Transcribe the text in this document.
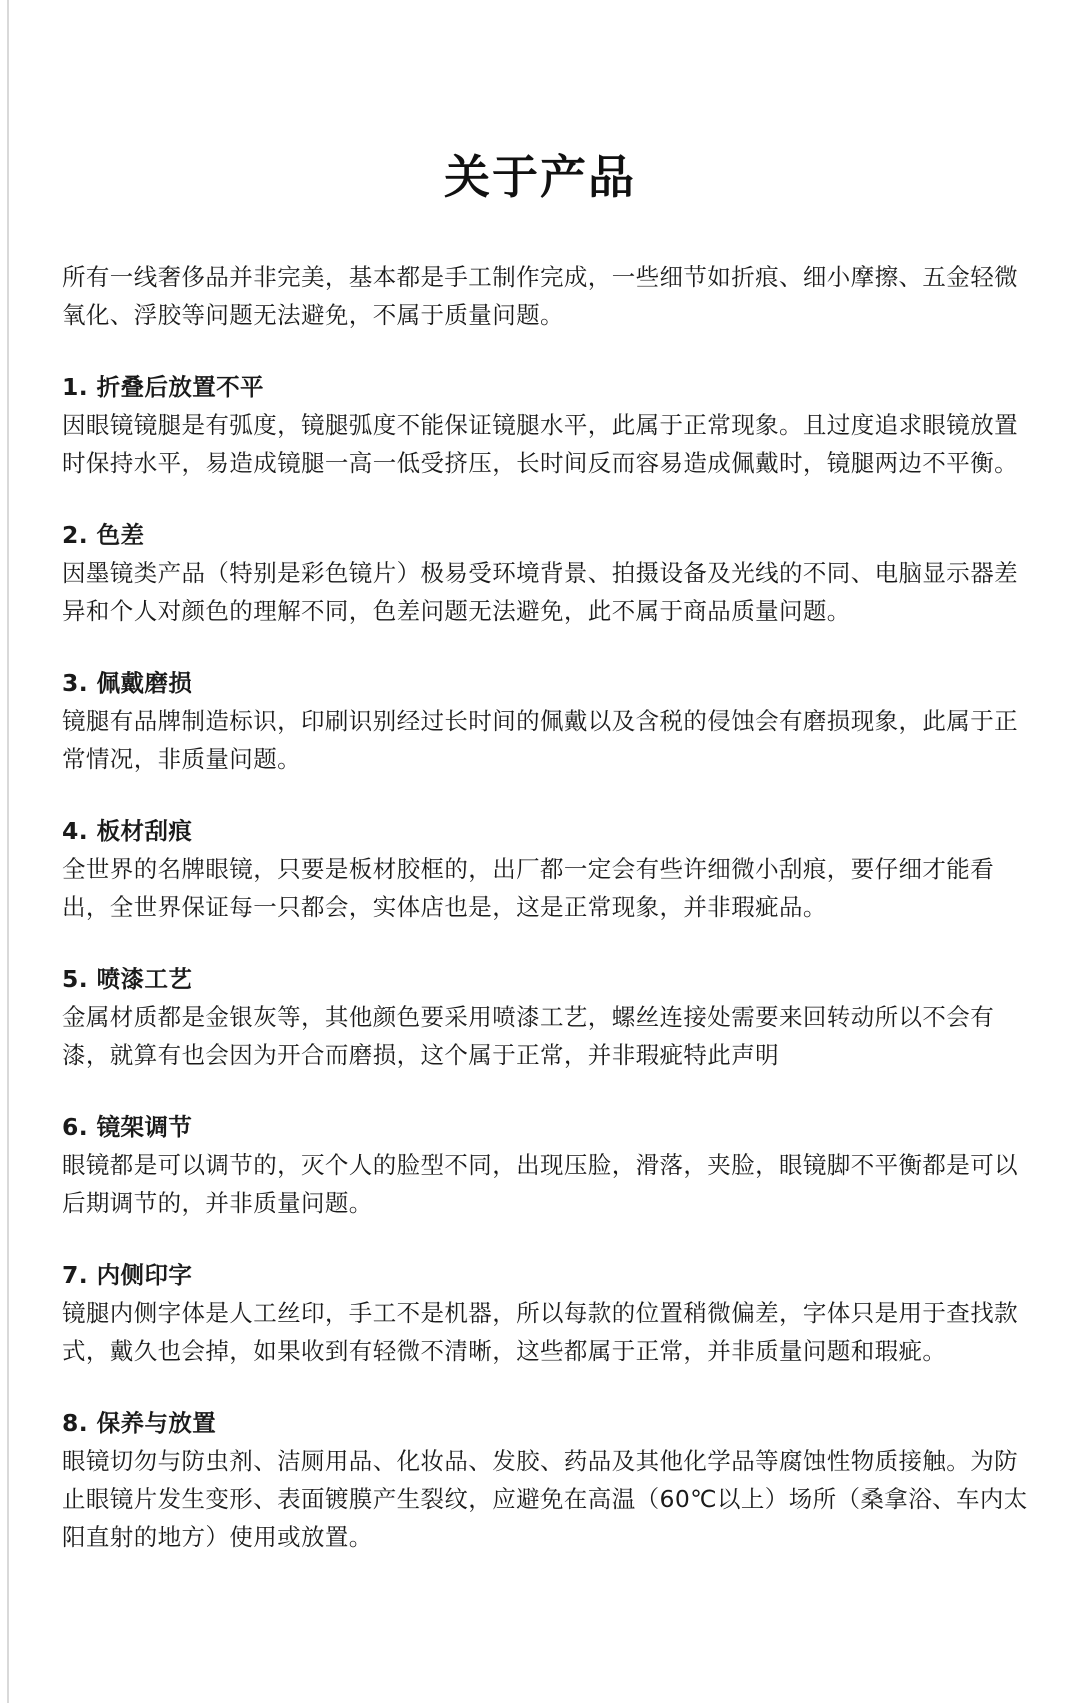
关于产品

所有一线奢侈品并非完美，基本都是手工制作完成，一些细节如折痕、细小摩擦、五金轻微氧化、浮胶等问题无法避免，不属于质量问题。

1. 折叠后放置不平

因眼镜镜腿是有弧度，镜腿弧度不能保证镜腿水平，此属于正常现象。且过度追求眼镜放置时保持水平，易造成镜腿一高一低受挤压，长时间反而容易造成佩戴时，镜腿两边不平衡。

2. 色差

因墨镜类产品（特别是彩色镜片）极易受环境背景、拍摄设备及光线的不同、电脑显示器差异和个人对颜色的理解不同，色差问题无法避免，此不属于商品质量问题。

3. 佩戴磨损

镜腿有品牌制造标识，印刷识别经过长时间的佩戴以及含税的侵蚀会有磨损现象，此属于正常情况，非质量问题。

4. 板材刮痕

全世界的名牌眼镜，只要是板材胶框的，出厂都一定会有些许细微小刮痕，要仔细才能看出，全世界保证每一只都会，实体店也是，这是正常现象，并非瑕疵品。

5. 喷漆工艺

金属材质都是金银灰等，其他颜色要采用喷漆工艺，螺丝连接处需要来回转动所以不会有漆，就算有也会因为开合而磨损，这个属于正常，并非瑕疵特此声明

6. 镜架调节

眼镜都是可以调节的，灭个人的脸型不同，出现压脸，滑落，夹脸，眼镜脚不平衡都是可以后期调节的，并非质量问题。

7. 内侧印字

镜腿内侧字体是人工丝印，手工不是机器，所以每款的位置稍微偏差，字体只是用于查找款式，戴久也会掉，如果收到有轻微不清晰，这些都属于正常，并非质量问题和瑕疵。

8. 保养与放置

眼镜切勿与防虫剂、洁厕用品、化妆品、发胶、药品及其他化学品等腐蚀性物质接触。为防止眼镜片发生变形、表面镀膜产生裂纹，应避免在高温（60℃以上）场所（桑拿浴、车内太阳直射的地方）使用或放置。
